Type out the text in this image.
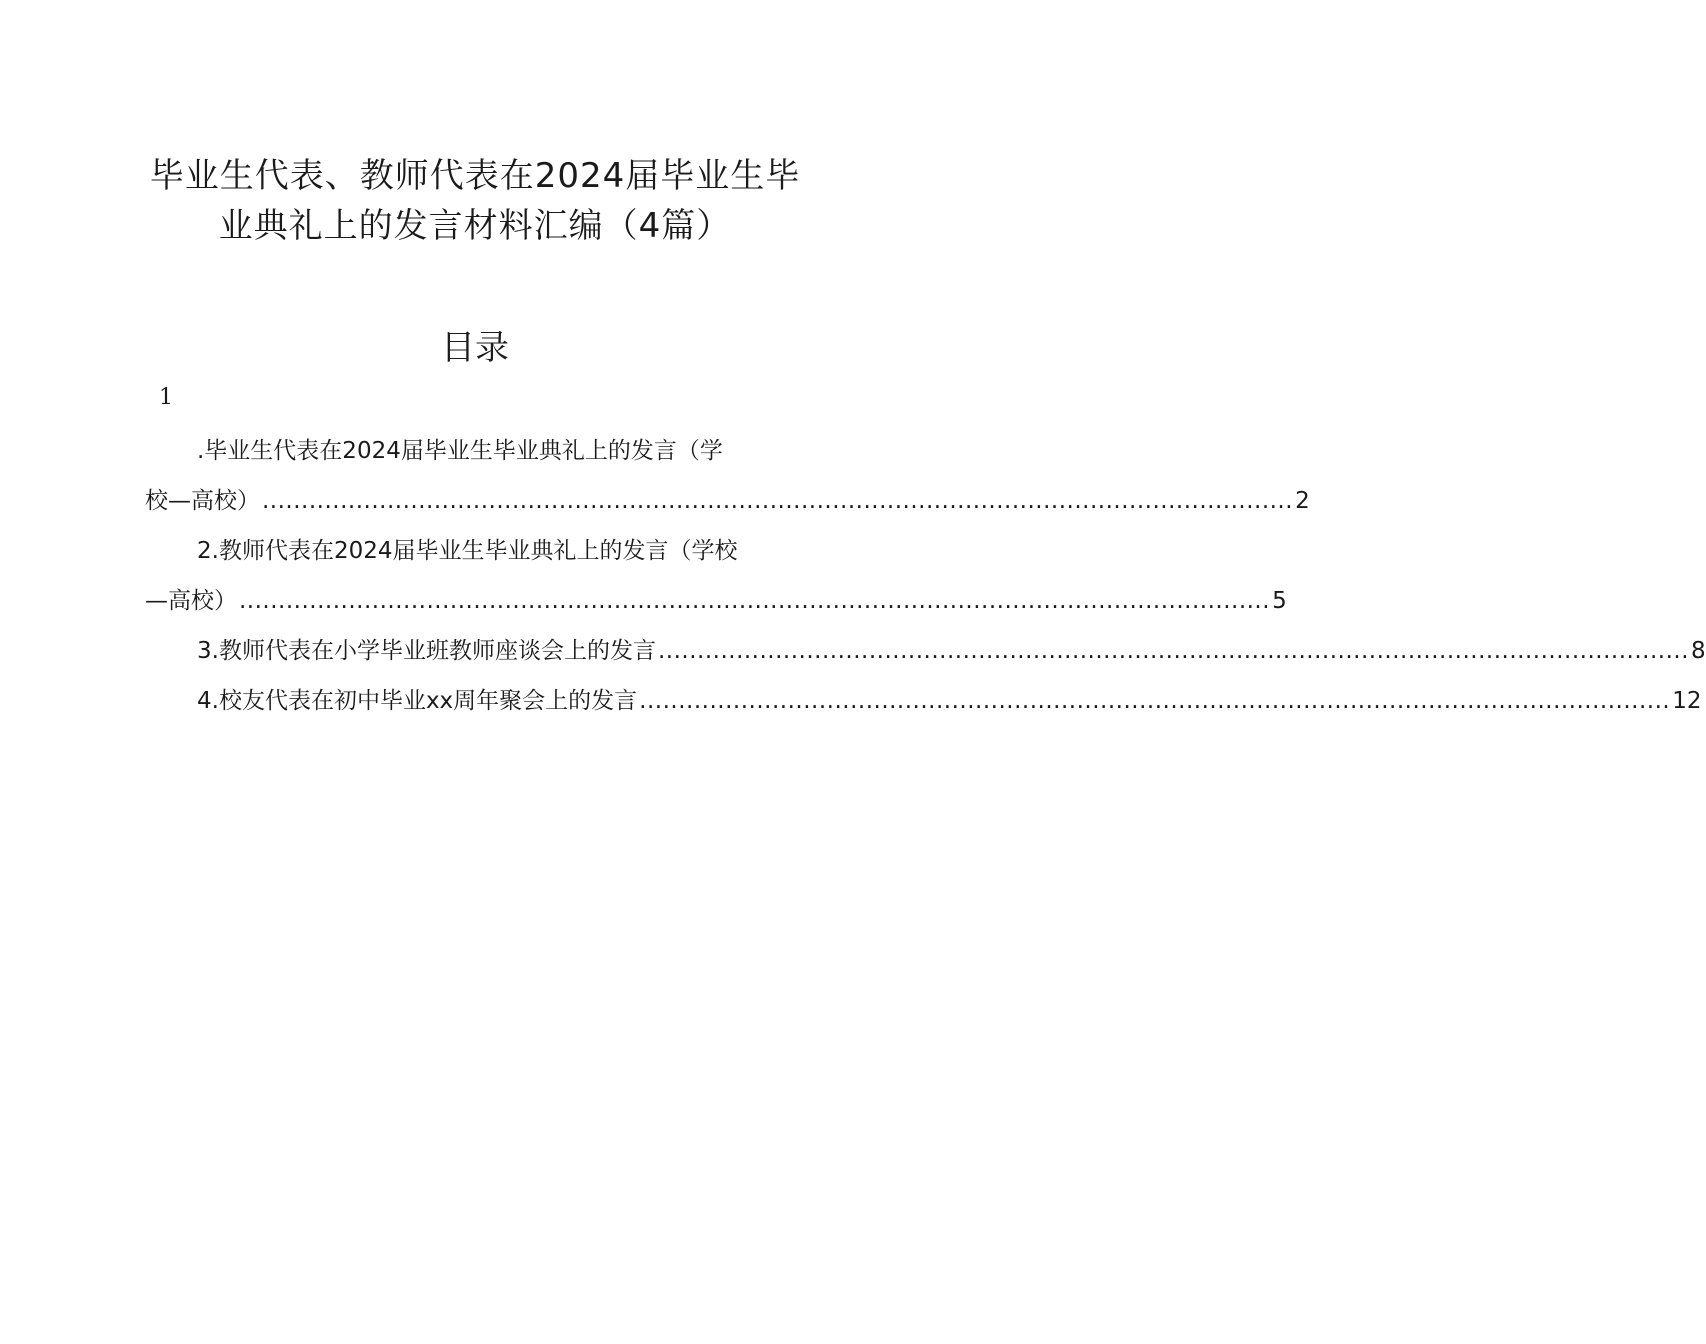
毕业生代表、教师代表在2024届毕业生毕
业典礼上的发言材料汇编（4篇）
目录
1
.毕业生代表在2024届毕业生毕业典礼上的发言（学
校—高校） .................................................................................................................................... 2
2.教师代表在2024届毕业生毕业典礼上的发言（学校
—高校） .................................................................................................................................... 5
3.教师代表在小学毕业班教师座谈会上的发言 .................................................................................................................................... 8
4.校友代表在初中毕业xx周年聚会上的发言 .................................................................................................................................... 12
